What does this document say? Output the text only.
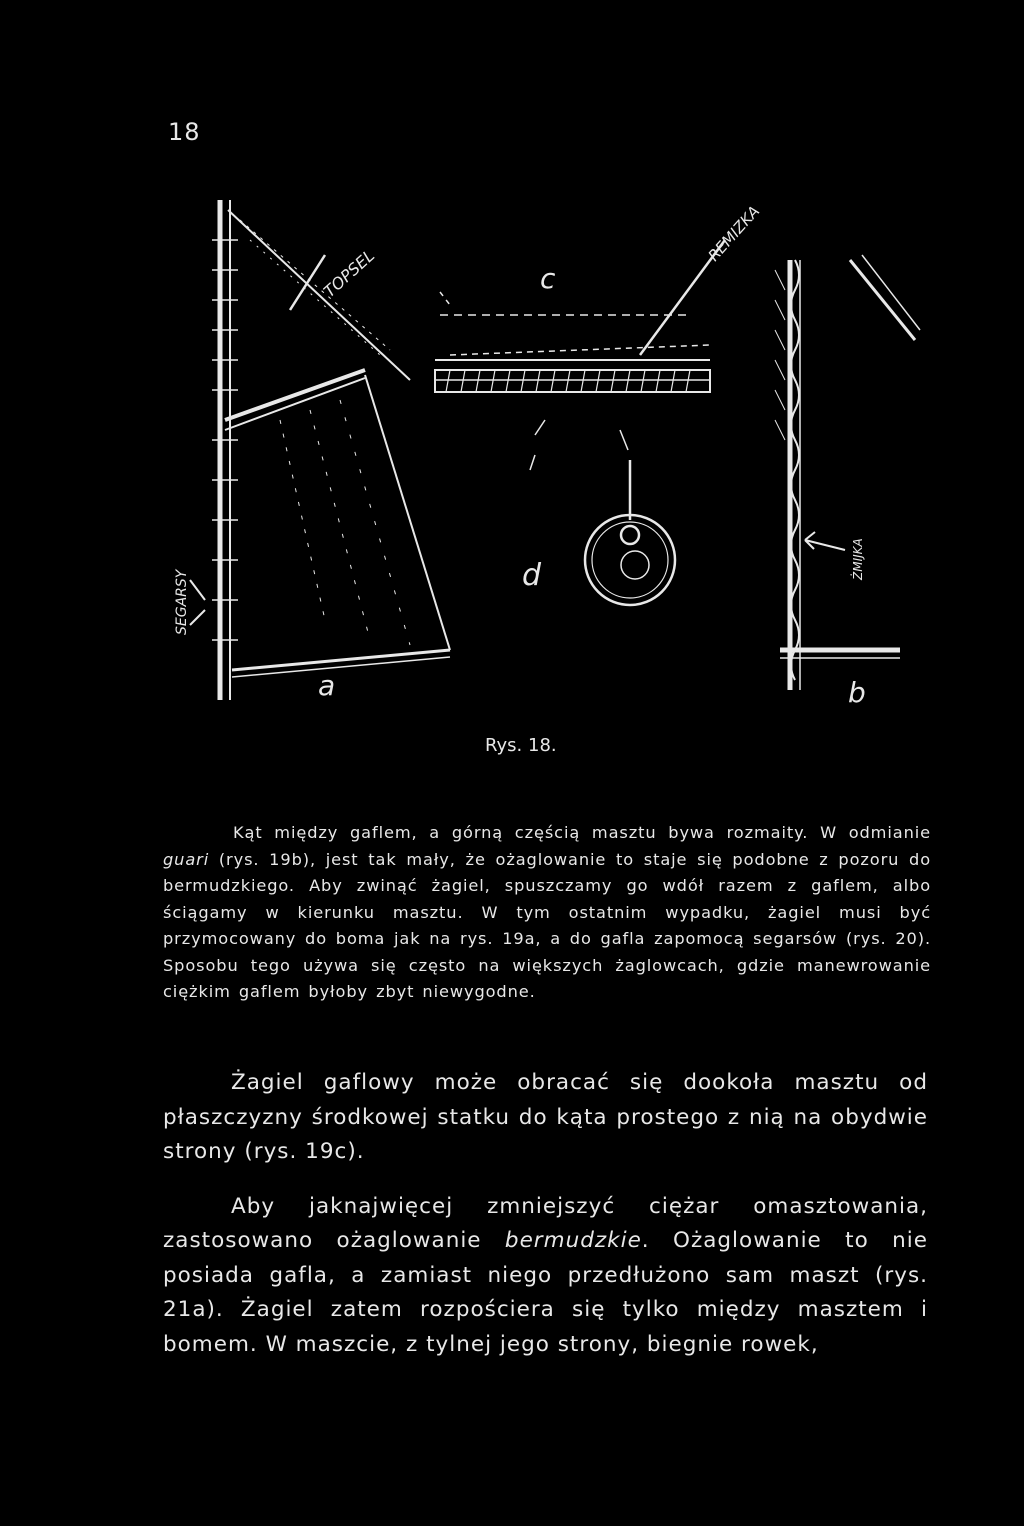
18
SEGARSY
TOPSEL
REMIZKA
ŻMIJKA
a	b
c
d
Rys. 18.

Kąt między gaflem, a górną częścią masztu bywa rozmaity. W odmianie guari (rys. 19b), jest tak mały, że ożaglowanie to staje się podobne z pozoru do bermudzkiego. Aby zwinąć żagiel, spuszczamy go wdół razem z gaflem, albo ściągamy w kierunku masztu. W tym ostatnim wypadku, żagiel musi być przymocowany do boma jak na rys. 19a, a do gafla zapomocą segarsów (rys. 20). Sposobu tego używa się często na większych żaglowcach, gdzie manewrowanie ciężkim gaflem byłoby zbyt niewygodne.

Żagiel gaflowy może obracać się dookoła masztu od płaszczyzny środkowej statku do kąta prostego z nią na obydwie strony (rys. 19c).

Aby jaknajwięcej zmniejszyć ciężar omasztowania, zastosowano ożaglowanie bermudzkie. Ożaglowanie to nie posiada gafla, a zamiast niego przedłużono sam maszt (rys. 21a). Żagiel zatem rozpościera się tylko między masztem i bomem. W maszcie, z tylnej jego strony, biegnie rowek,
